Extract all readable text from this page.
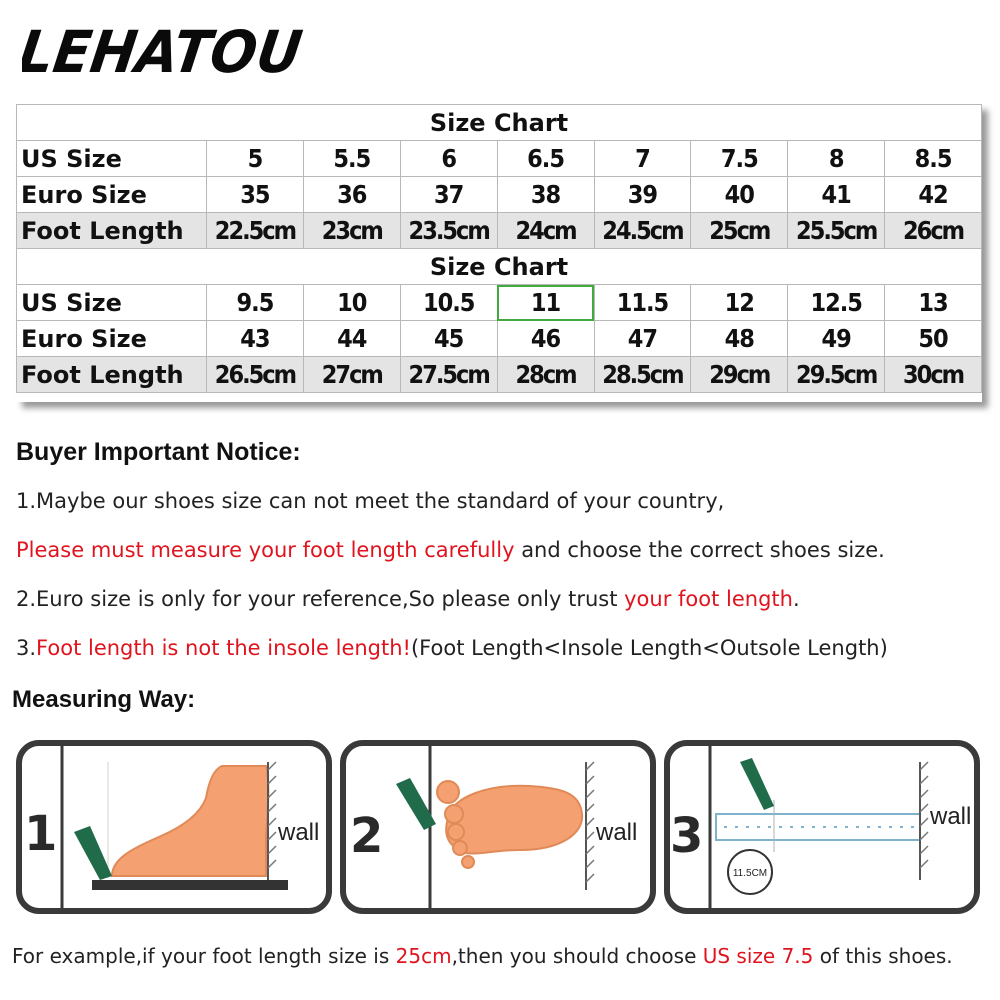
LEHATOU
Size Chart								
US Size	5	5.5	6	6.5	7	7.5	8	8.5
Euro Size	35	36	37	38	39	40	41	42
Foot Length	22.5cm	23cm	23.5cm	24cm	24.5cm	25cm	25.5cm	26cm
Size Chart								
US Size	9.5	10	10.5	11	11.5	12	12.5	13
Euro Size	43	44	45	46	47	48	49	50
Foot Length	26.5cm	27cm	27.5cm	28cm	28.5cm	29cm	29.5cm	30cm
Buyer Important Notice:
1.Maybe our shoes size can not meet the standard of your country,
Please must measure your foot length carefully and choose the correct shoes size.
2.Euro size is only for your reference,So please only trust your foot length.
3.Foot length is not the insole length!(Foot Length<Insole Length<Outsole Length)
Measuring Way:
1	wall 2	wall 3	wall
11.5CM
For example,if your foot length size is 25cm,then you should choose US size 7.5 of this shoes.
